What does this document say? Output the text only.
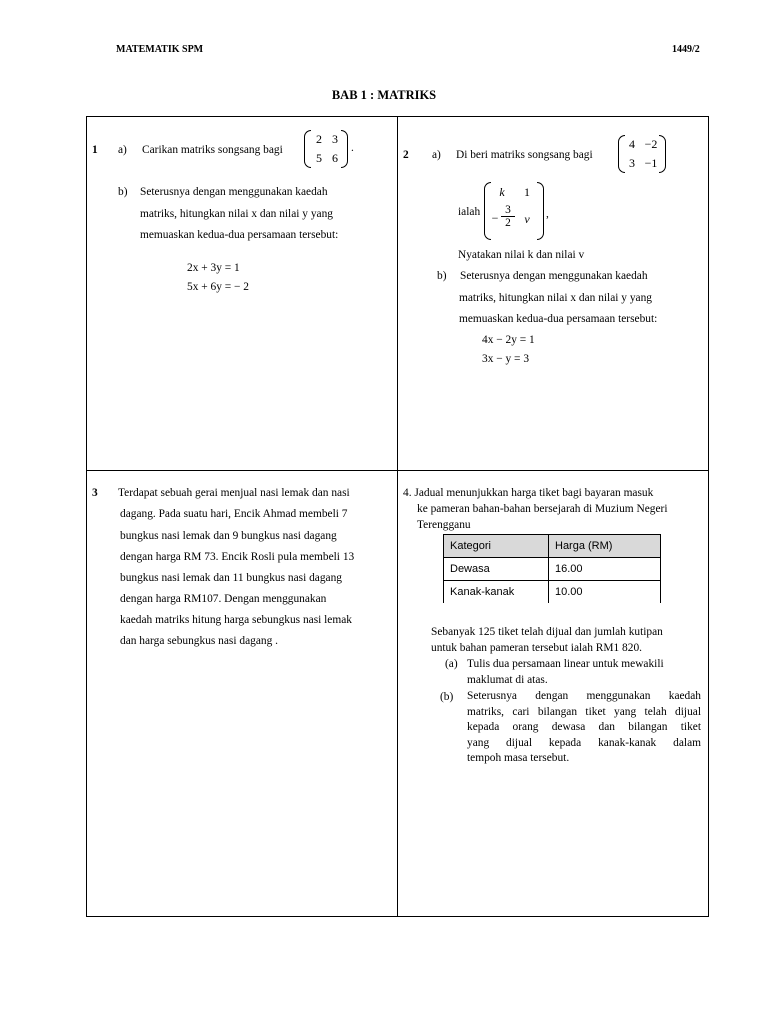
MATEMATIK SPM	1449/2
BAB 1 : MATRIKS
1 a) Carikan matriks songsang bagi
2 3
5 6
.
b) Seterusnya dengan menggunakan kaedah
matriks, hitungkan nilai x dan nilai y yang
memuaskan kedua-dua persamaan tersebut:
2x + 3y = 1
5x + 6y = − 2
2 a) Di beri matriks songsang bagi
4 −2
3 −1
ialah
k	1
− $\frac{3}{2}$ v	,
Nyatakan nilai k dan nilai v
b) Seterusnya dengan menggunakan kaedah
matriks, hitungkan nilai x dan nilai y yang
memuaskan kedua-dua persamaan tersebut:
4x − 2y = 1
3x − y = 3
3 Terdapat sebuah gerai menjual nasi lemak dan nasi
dagang. Pada suatu hari, Encik Ahmad membeli 7
bungkus nasi lemak dan 9 bungkus nasi dagang
dengan harga RM 73. Encik Rosli pula membeli 13
bungkus nasi lemak dan 11 bungkus nasi dagang
dengan harga RM107. Dengan menggunakan
kaedah matriks hitung harga sebungkus nasi lemak
dan harga sebungkus nasi dagang .
4. Jadual menunjukkan harga tiket bagi bayaran masuk
ke pameran bahan-bahan bersejarah di Muzium Negeri
Terengganu
Kategori	Harga (RM)
Dewasa	16.00
Kanak-kanak	10.00
Sebanyak 125 tiket telah dijual dan jumlah kutipan
untuk bahan pameran tersebut ialah RM1 820.
(a) Tulis dua persamaan linear untuk mewakili
maklumat di atas.
(b) Seterusnya dengan menggunakan kaedah
matriks, cari bilangan tiket yang telah dijual
kepada orang dewasa dan bilangan tiket
yang dijual kepada kanak-kanak dalam
tempoh masa tersebut.
